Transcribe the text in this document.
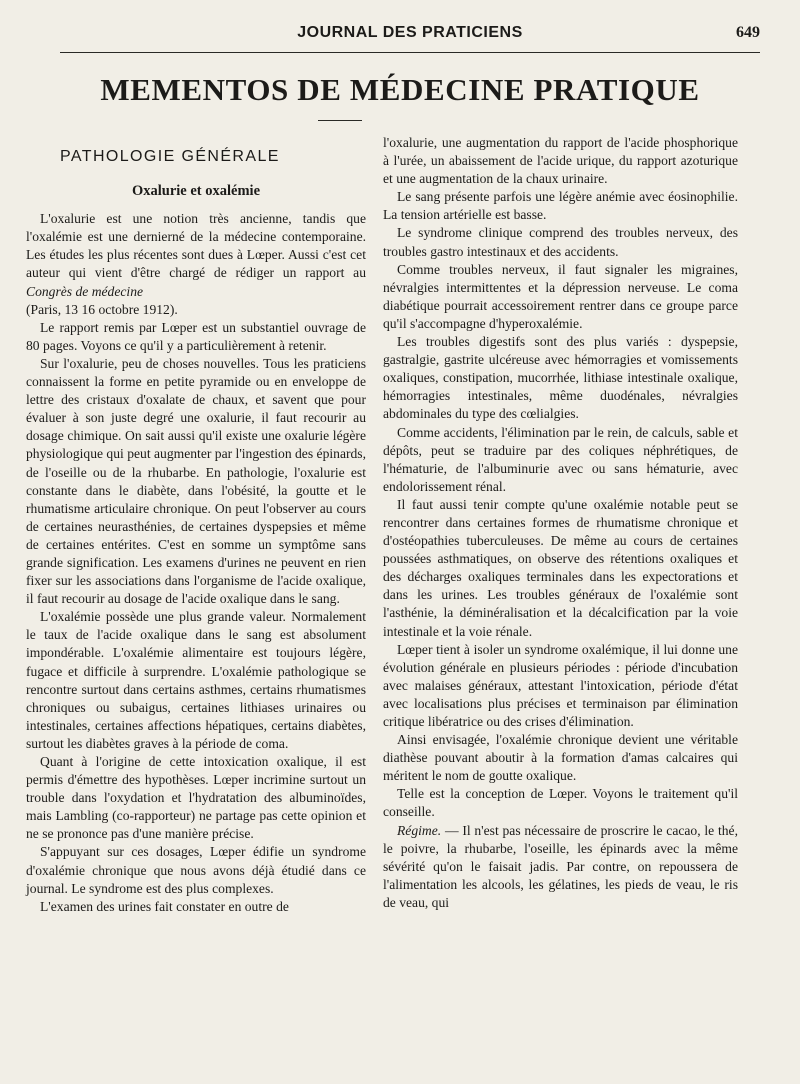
JOURNAL DES PRATICIENS	649
MEMENTOS DE MÉDECINE PRATIQUE

PATHOLOGIE GÉNÉRALE

Oxalurie et oxalémie

L'oxalurie est une notion très ancienne, tandis que l'oxalémie est une dernierné de la médecine contemporaine. Les études les plus récentes sont dues à Lœper. Aussi c'est cet auteur qui vient d'être chargé de rédiger un rapport au Congrès de médecine

(Paris, 13 16 octobre 1912).

Le rapport remis par Lœper est un substantiel ouvrage de 80 pages. Voyons ce qu'il y a particulièrement à retenir.

Sur l'oxalurie, peu de choses nouvelles. Tous les praticiens connaissent la forme en petite pyramide ou en enveloppe de lettre des cristaux d'oxalate de chaux, et savent que pour évaluer à son juste degré une oxalurie, il faut recourir au dosage chimique. On sait aussi qu'il existe une oxalurie légère physiologique qui peut augmenter par l'ingestion des épinards, de l'oseille ou de la rhubarbe. En pathologie, l'oxalurie est constante dans le diabète, dans l'obésité, la goutte et le rhumatisme articulaire chronique. On peut l'observer au cours de certaines neurasthénies, de certaines dyspepsies et même de certaines entérites. C'est en somme un symptôme sans grande signification. Les examens d'urines ne peuvent en rien fixer sur les associations dans l'organisme de l'acide oxalique, il faut recourir au dosage de l'acide oxalique dans le sang.

L'oxalémie possède une plus grande valeur. Normalement le taux de l'acide oxalique dans le sang est absolument impondérable. L'oxalémie alimentaire est toujours légère, fugace et difficile à surprendre. L'oxalémie pathologique se rencontre surtout dans certains asthmes, certains rhumatismes chroniques ou subaigus, certaines lithiases urinaires ou intestinales, certaines affections hépatiques, certains diabètes, surtout les diabètes graves à la période de coma.

Quant à l'origine de cette intoxication oxalique, il est permis d'émettre des hypothèses. Lœper incrimine surtout un trouble dans l'oxydation et l'hydratation des albuminoïdes, mais Lambling (co-rapporteur) ne partage pas cette opinion et ne se prononce pas d'une manière précise.

S'appuyant sur ces dosages, Lœper édifie un syndrome d'oxalémie chronique que nous avons déjà étudié dans ce journal. Le syndrome est des plus complexes.

L'examen des urines fait constater en outre de

l'oxalurie, une augmentation du rapport de l'acide phosphorique à l'urée, un abaissement de l'acide urique, du rapport azoturique et une augmentation de la chaux urinaire.

Le sang présente parfois une légère anémie avec éosinophilie. La tension artérielle est basse.

Le syndrome clinique comprend des troubles nerveux, des troubles gastro intestinaux et des accidents.

Comme troubles nerveux, il faut signaler les migraines, névralgies intermittentes et la dépression nerveuse. Le coma diabétique pourrait accessoirement rentrer dans ce groupe parce qu'il s'accompagne d'hyperoxalémie.

Les troubles digestifs sont des plus variés : dyspepsie, gastralgie, gastrite ulcéreuse avec hémorragies et vomissements oxaliques, constipation, mucorrhée, lithiase intestinale oxalique, hémorragies intestinales, même duodénales, névralgies abdominales du type des cœlialgies.

Comme accidents, l'élimination par le rein, de calculs, sable et dépôts, peut se traduire par des coliques néphrétiques, de l'hématurie, de l'albuminurie avec ou sans hématurie, avec endolorissement rénal.

Il faut aussi tenir compte qu'une oxalémie notable peut se rencontrer dans certaines formes de rhumatisme chronique et d'ostéopathies tuberculeuses. De même au cours de certaines poussées asthmatiques, on observe des rétentions oxaliques et des décharges oxaliques terminales dans les expectorations et dans les urines. Les troubles généraux de l'oxalémie sont l'asthénie, la déminéralisation et la décalcification par la voie intestinale et la voie rénale.

Lœper tient à isoler un syndrome oxalémique, il lui donne une évolution générale en plusieurs périodes : période d'incubation avec malaises généraux, attestant l'intoxication, période d'état avec localisations plus précises et terminaison par élimination critique libératrice ou des crises d'élimination.

Ainsi envisagée, l'oxalémie chronique devient une véritable diathèse pouvant aboutir à la formation d'amas calcaires qui méritent le nom de goutte oxalique.

Telle est la conception de Lœper. Voyons le traitement qu'il conseille.

Régime. — Il n'est pas nécessaire de proscrire le cacao, le thé, le poivre, la rhubarbe, l'oseille, les épinards avec la même sévérité qu'on le faisait jadis. Par contre, on repoussera de l'alimentation les alcools, les gélatines, les pieds de veau, le ris de veau, qui
